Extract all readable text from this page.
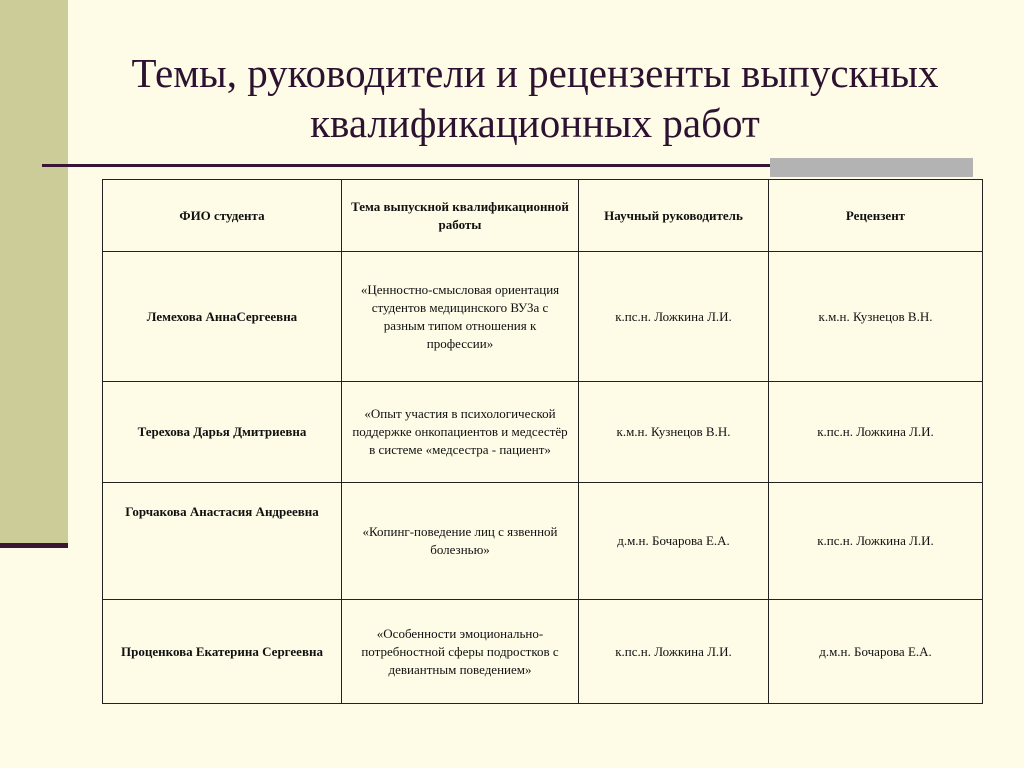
Темы, руководители и рецензенты выпускных квалификационных работ
ФИО студента	Тема выпускной квалификационной работы	Научный руководитель	Рецензент
Лемехова АннаСергеевна	«Ценностно-смысловая ориентация студентов медицинского ВУЗа с разным типом отношения к профессии»	к.пс.н. Ложкина Л.И.	к.м.н. Кузнецов В.Н.
Терехова Дарья Дмитриевна	«Опыт участия в психологической поддержке онкопациентов и медсестёр в системе «медсестра - пациент»	к.м.н. Кузнецов В.Н.	к.пс.н. Ложкина Л.И.
Горчакова Анастасия Андреевна	«Копинг-поведение лиц с язвенной болезнью»	д.м.н. Бочарова Е.А.	к.пс.н. Ложкина Л.И.
Проценкова Екатерина Сергеевна	«Особенности эмоционально-потребностной сферы подростков с девиантным поведением»	к.пс.н. Ложкина Л.И.	д.м.н. Бочарова Е.А.
